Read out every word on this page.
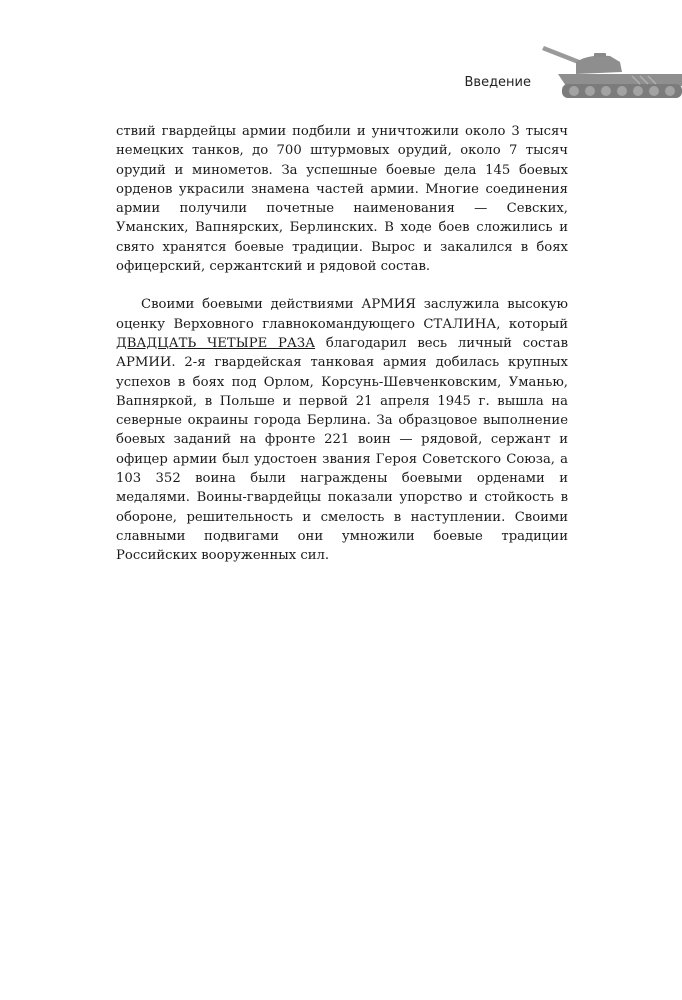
Введение

ствий гвардейцы армии подбили и уничтожили около 3 тысяч немецких танков, до 700 штурмовых орудий, около 7 тысяч орудий и минометов. За успешные боевые дела 145 боевых орденов украсили знамена частей армии. Многие соединения армии получили почетные наименования — Севских, Уманских, Вапнярских, Берлинских. В ходе боев сложились и свято хранятся боевые традиции. Вырос и закалился в боях офицерский, сержантский и рядовой состав.

Своими боевыми действиями АРМИЯ заслужила высокую оценку Верховного главнокомандующего СТАЛИНА, который ДВАДЦАТЬ ЧЕТЫРЕ РАЗА благодарил весь личный состав АРМИИ. 2-я гвардейская танковая армия добилась крупных успехов в боях под Орлом, Корсунь-Шевченковским, Уманью, Вапняркой, в Польше и первой 21 апреля 1945 г. вышла на северные окраины города Берлина. За образцовое выполнение боевых заданий на фронте 221 воин — рядовой, сержант и офицер армии был удостоен звания Героя Советского Союза, а 103 352 воина были награждены боевыми орденами и медалями. Воины-гвардейцы показали упорство и стойкость в обороне, решительность и смелость в наступлении. Своими славными подвигами они умножили боевые традиции Российских вооруженных сил.
